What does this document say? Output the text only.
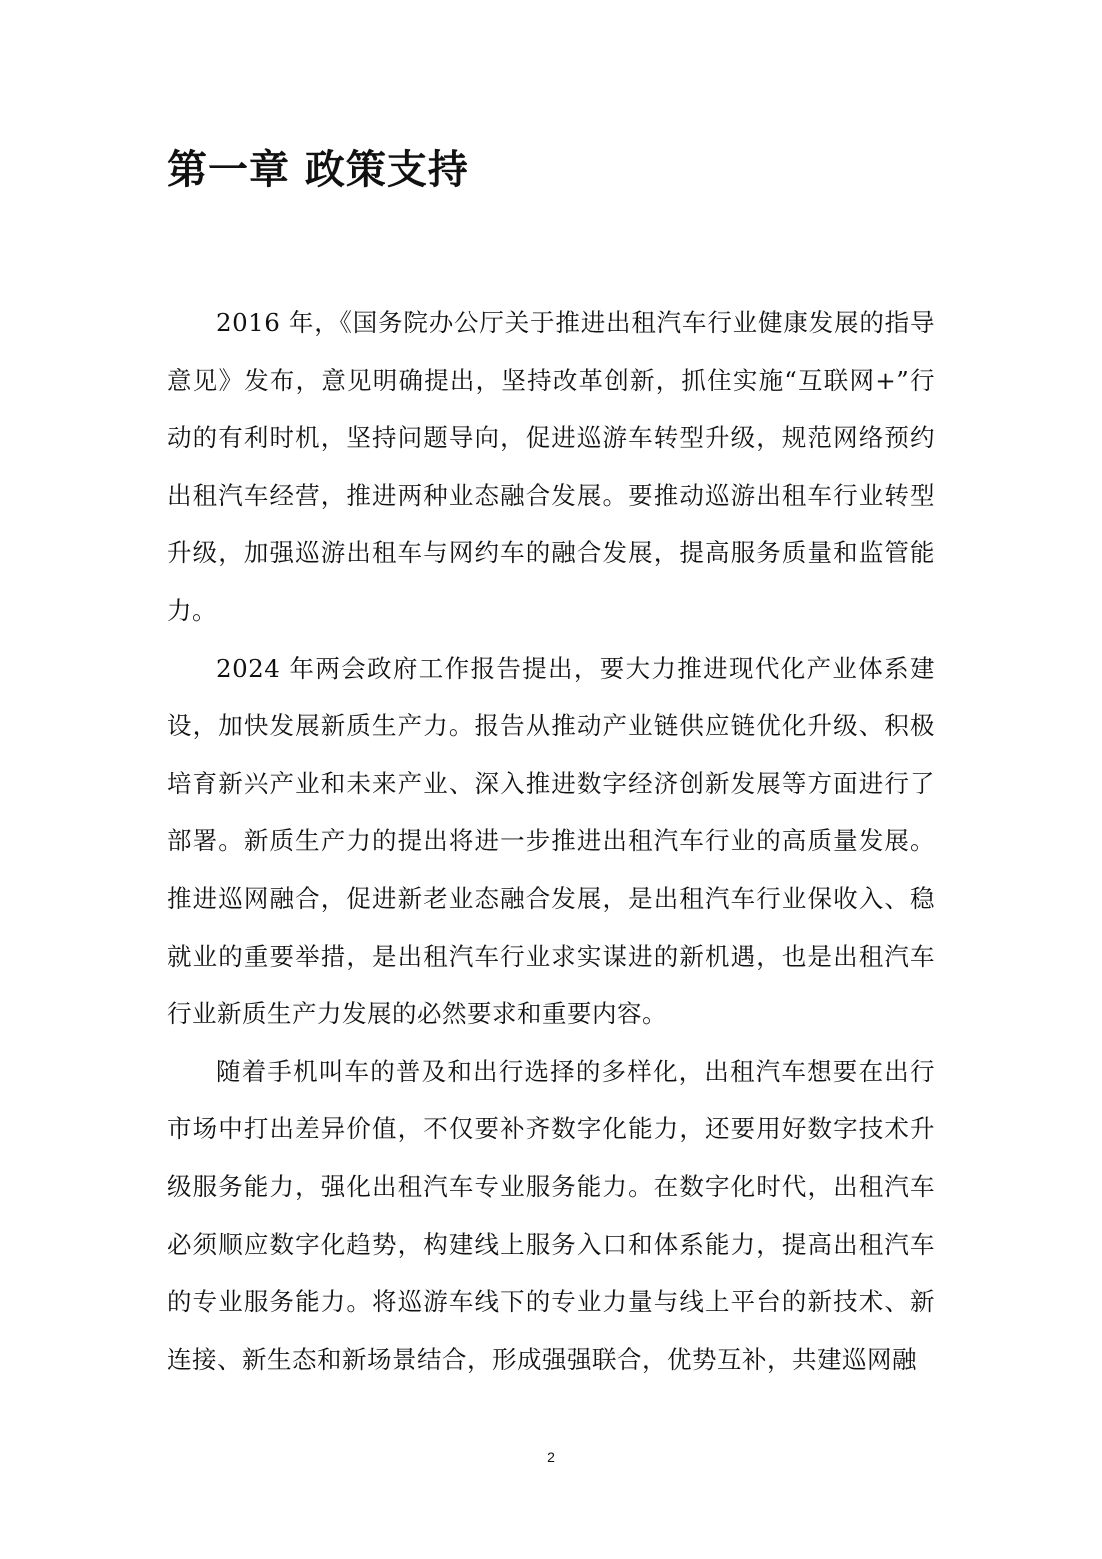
第一章 政策支持

2016 年，《国务院办公厅关于推进出租汽车行业健康发展的指导意见》发布，意见明确提出，坚持改革创新，抓住实施“互联网+”行动的有利时机，坚持问题导向，促进巡游车转型升级，规范网络预约出租汽车经营，推进两种业态融合发展。要推动巡游出租车行业转型升级，加强巡游出租车与网约车的融合发展，提高服务质量和监管能力。

2024 年两会政府工作报告提出，要大力推进现代化产业体系建设，加快发展新质生产力。报告从推动产业链供应链优化升级、积极培育新兴产业和未来产业、深入推进数字经济创新发展等方面进行了部署。新质生产力的提出将进一步推进出租汽车行业的高质量发展。推进巡网融合，促进新老业态融合发展，是出租汽车行业保收入、稳就业的重要举措，是出租汽车行业求实谋进的新机遇，也是出租汽车行业新质生产力发展的必然要求和重要内容。

随着手机叫车的普及和出行选择的多样化，出租汽车想要在出行市场中打出差异价值，不仅要补齐数字化能力，还要用好数字技术升级服务能力，强化出租汽车专业服务能力。在数字化时代，出租汽车必须顺应数字化趋势，构建线上服务入口和体系能力，提高出租汽车的专业服务能力。将巡游车线下的专业力量与线上平台的新技术、新连接、新生态和新场景结合，形成强强联合，优势互补，共建巡网融

2
